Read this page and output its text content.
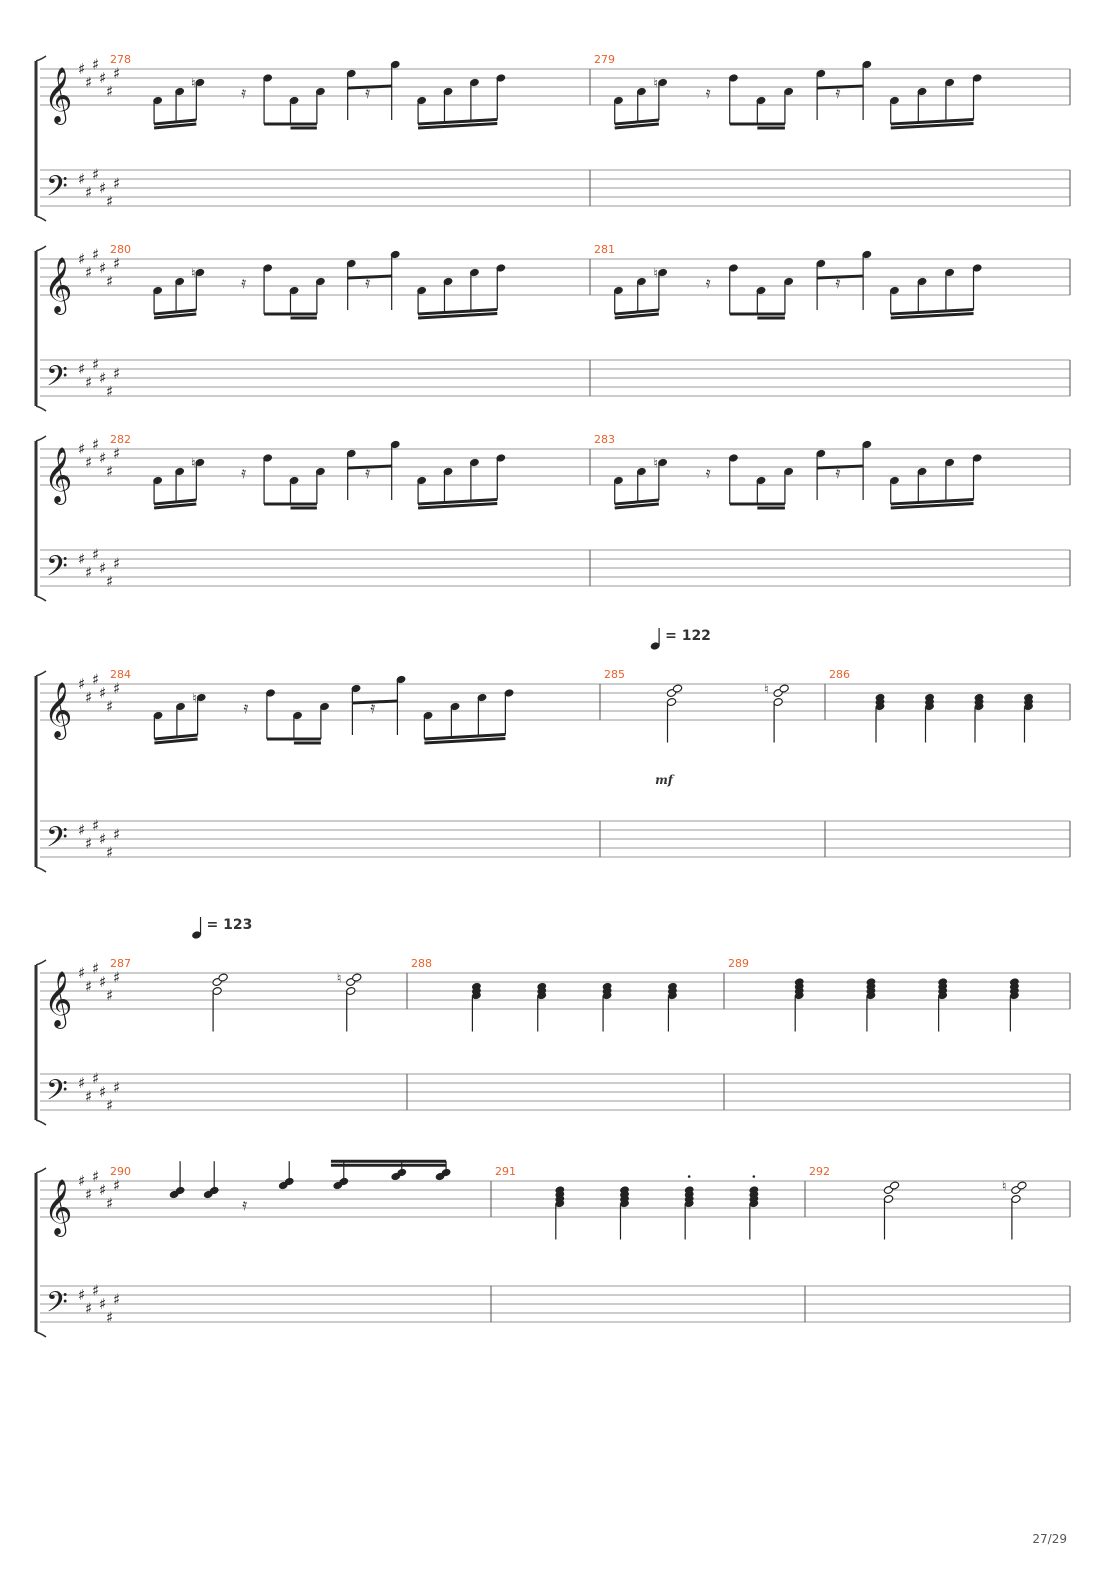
𝄞
𝄢
♯
♯
♯
♯
♯
♯
♯
♯
♯
♯
♯
♯
278
♮	𝄿	𝄿
279
♮	𝄿	𝄿
𝄞
𝄢
♯
♯
♯
♯
♯
♯
♯
♯
♯
♯
♯
♯
280
♮	𝄿	𝄿
281
♮	𝄿	𝄿
𝄞
𝄢
♯
♯
♯
♯
♯
♯
♯
♯
♯
♯
♯
♯
282
♮	𝄿	𝄿
283
♮	𝄿	𝄿
𝄞
𝄢
♯
♯
♯
♯
♯
♯
♯
♯
♯
♯
♯
♯
284
♮	𝄿	𝄿
285
♮
= 122
mf
286
𝄞
𝄢
♯
♯
♯
♯
♯
♯
♯
♯
♯
♯
♯
♯
287
♮
= 123
288	289
𝄞
𝄢
♯
♯
♯
♯
♯
♯
♯
♯
♯
♯
♯
♯
290
𝄿
291	292
♮
27/29
